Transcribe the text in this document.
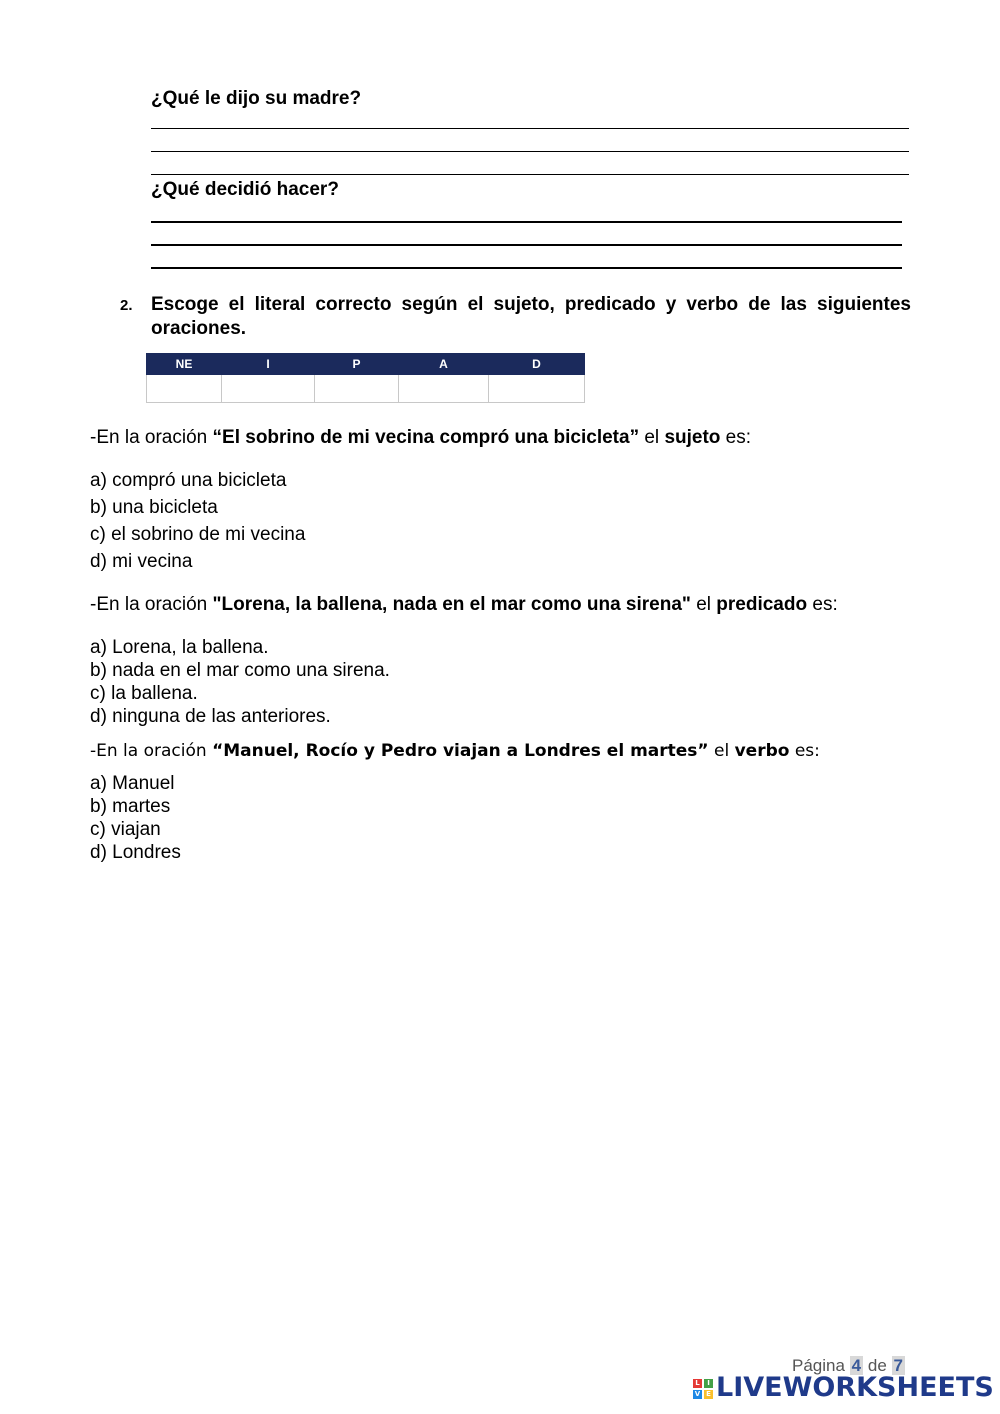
¿Qué le dijo su madre?
¿Qué decidió hacer?
2. Escoge el literal correcto según el sujeto, predicado y verbo de las siguientes oraciones.
NE	I	P	A	D

-En la oración “El sobrino de mi vecina compró una bicicleta” el sujeto es:
a) compró una bicicleta
b) una bicicleta
c) el sobrino de mi vecina
d) mi vecina
-En la oración "Lorena, la ballena, nada en el mar como una sirena" el predicado es:
a) Lorena, la ballena.
b) nada en el mar como una sirena.
c) la ballena.
d) ninguna de las anteriores.
-En la oración “Manuel, Rocío y Pedro viajan a Londres el martes” el verbo es:
a) Manuel
b) martes
c) viajan
d) Londres
Página 4 de 7
L	I
V E LIVEWORKSHEETS
